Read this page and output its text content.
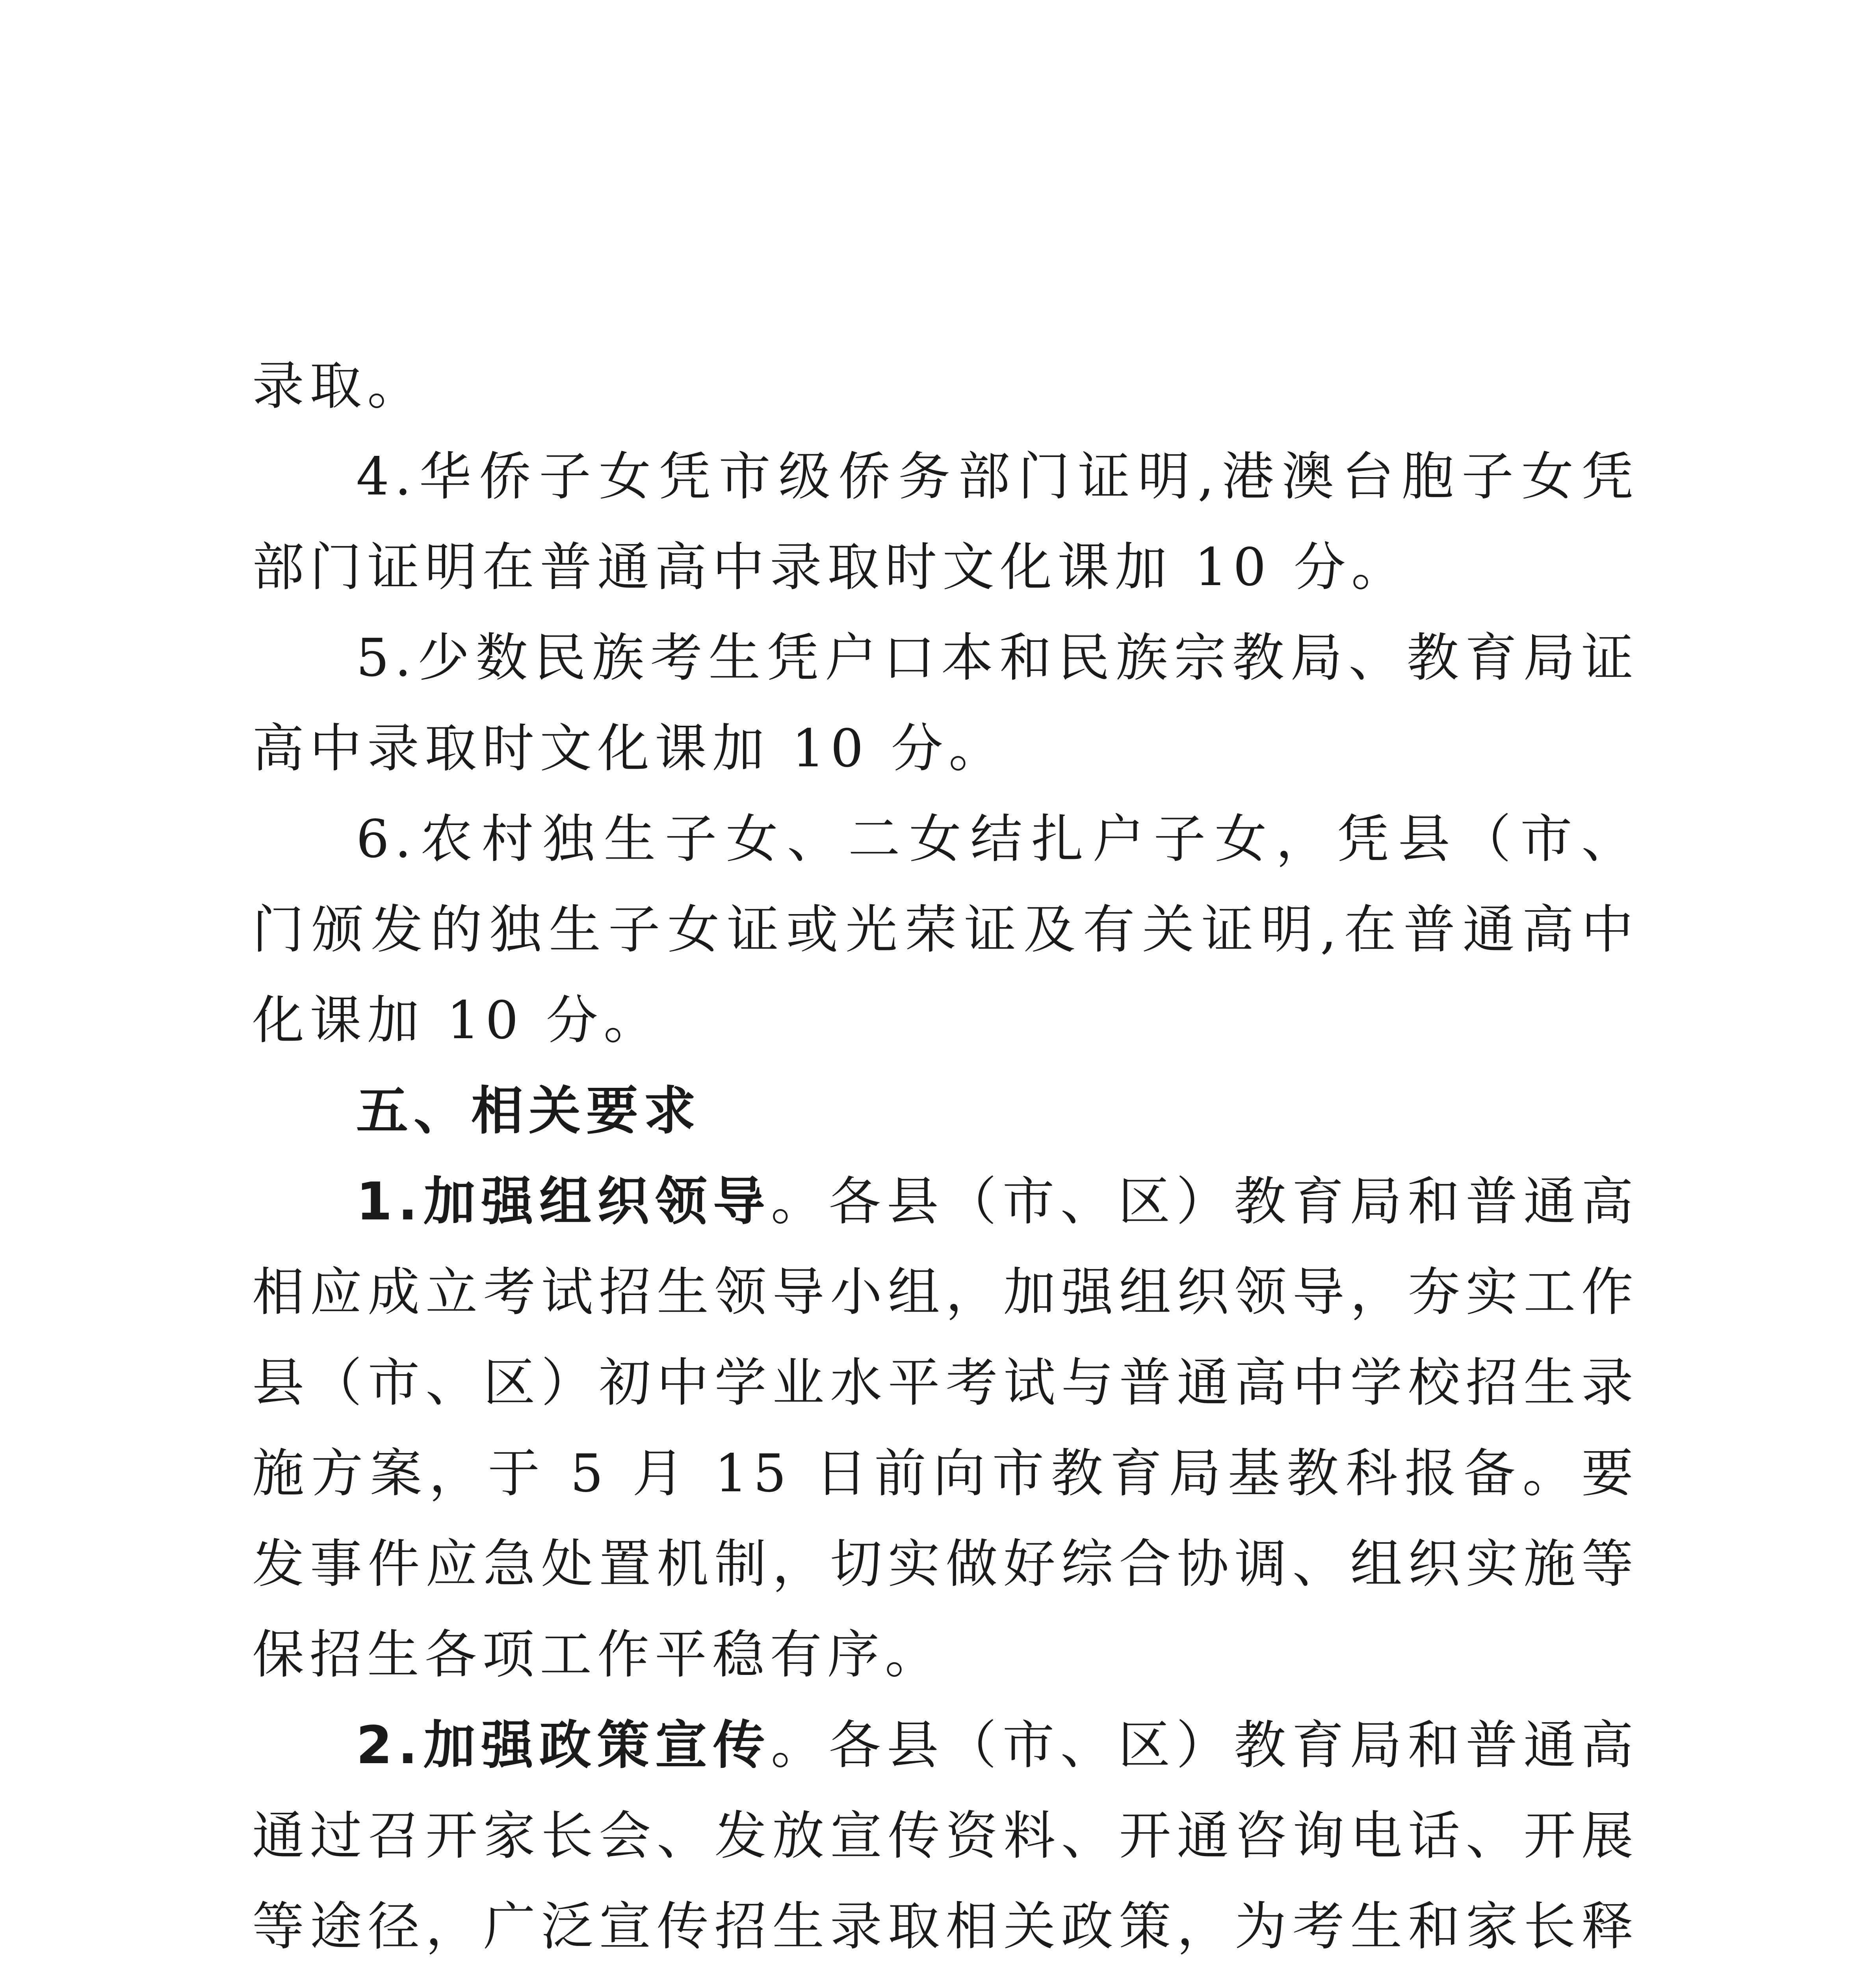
录取。
4.华侨子女凭市级侨务部门证明,港澳台胞子女凭
部门证明在普通高中录取时文化课加 10 分。
5.少数民族考生凭户口本和民族宗教局、教育局证
高中录取时文化课加 10 分。
6.农村独生子女、二女结扎户子女，凭县（市、
门颁发的独生子女证或光荣证及有关证明,在普通高中
化课加 10 分。
五、相关要求
1.加强组织领导。各县（市、区）教育局和普通高
相应成立考试招生领导小组，加强组织领导，夯实工作
县（市、区）初中学业水平考试与普通高中学校招生录
施方案，于 5 月 15 日前向市教育局基教科报备。要
发事件应急处置机制，切实做好综合协调、组织实施等
保招生各项工作平稳有序。
2.加强政策宣传。各县（市、区）教育局和普通高
通过召开家长会、发放宣传资料、开通咨询电话、开展
等途径，广泛宣传招生录取相关政策，为考生和家长释
